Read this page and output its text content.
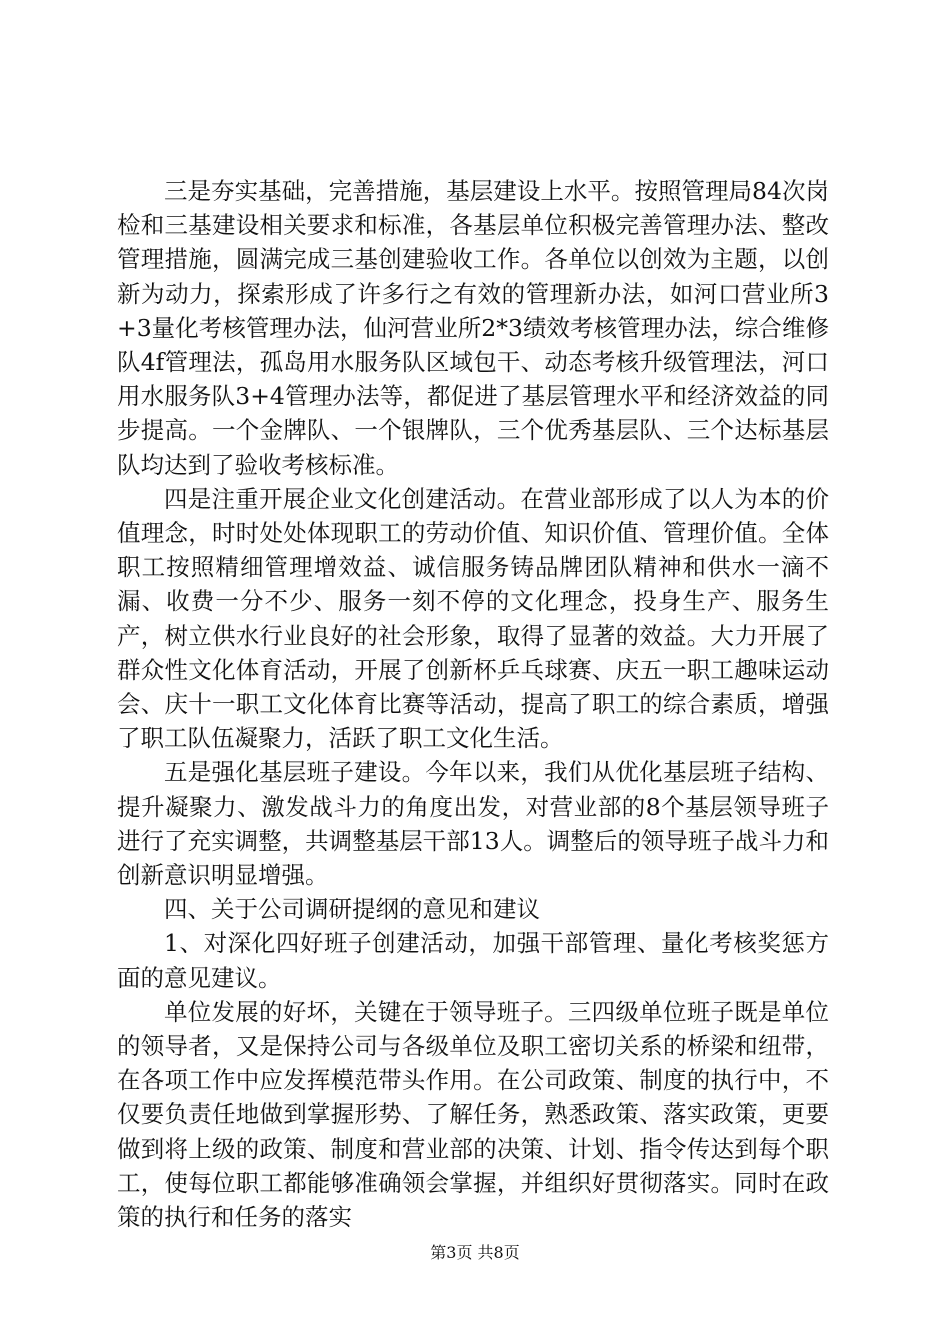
三是夯实基础，完善措施，基层建设上水平。按照管理局84次岗检和三基建设相关要求和标准，各基层单位积极完善管理办法、整改管理措施，圆满完成三基创建验收工作。各单位以创效为主题，以创新为动力，探索形成了许多行之有效的管理新办法，如河口营业所3+3量化考核管理办法，仙河营业所2*3绩效考核管理办法，综合维修队4f管理法，孤岛用水服务队区域包干、动态考核升级管理法，河口用水服务队3+4管理办法等，都促进了基层管理水平和经济效益的同步提高。一个金牌队、一个银牌队，三个优秀基层队、三个达标基层队均达到了验收考核标准。

四是注重开展企业文化创建活动。在营业部形成了以人为本的价值理念，时时处处体现职工的劳动价值、知识价值、管理价值。全体职工按照精细管理增效益、诚信服务铸品牌团队精神和供水一滴不漏、收费一分不少、服务一刻不停的文化理念，投身生产、服务生产，树立供水行业良好的社会形象，取得了显著的效益。大力开展了群众性文化体育活动，开展了创新杯乒乓球赛、庆五一职工趣味运动会、庆十一职工文化体育比赛等活动，提高了职工的综合素质，增强了职工队伍凝聚力，活跃了职工文化生活。

五是强化基层班子建设。今年以来，我们从优化基层班子结构、提升凝聚力、激发战斗力的角度出发，对营业部的8个基层领导班子进行了充实调整，共调整基层干部13人。调整后的领导班子战斗力和创新意识明显增强。

四、关于公司调研提纲的意见和建议

1、对深化四好班子创建活动，加强干部管理、量化考核奖惩方面的意见建议。

单位发展的好坏，关键在于领导班子。三四级单位班子既是单位的领导者，又是保持公司与各级单位及职工密切关系的桥梁和纽带，在各项工作中应发挥模范带头作用。在公司政策、制度的执行中，不仅要负责任地做到掌握形势、了解任务，熟悉政策、落实政策，更要做到将上级的政策、制度和营业部的决策、计划、指令传达到每个职工，使每位职工都能够准确领会掌握，并组织好贯彻落实。同时在政策的执行和任务的落实

第3页 共8页
